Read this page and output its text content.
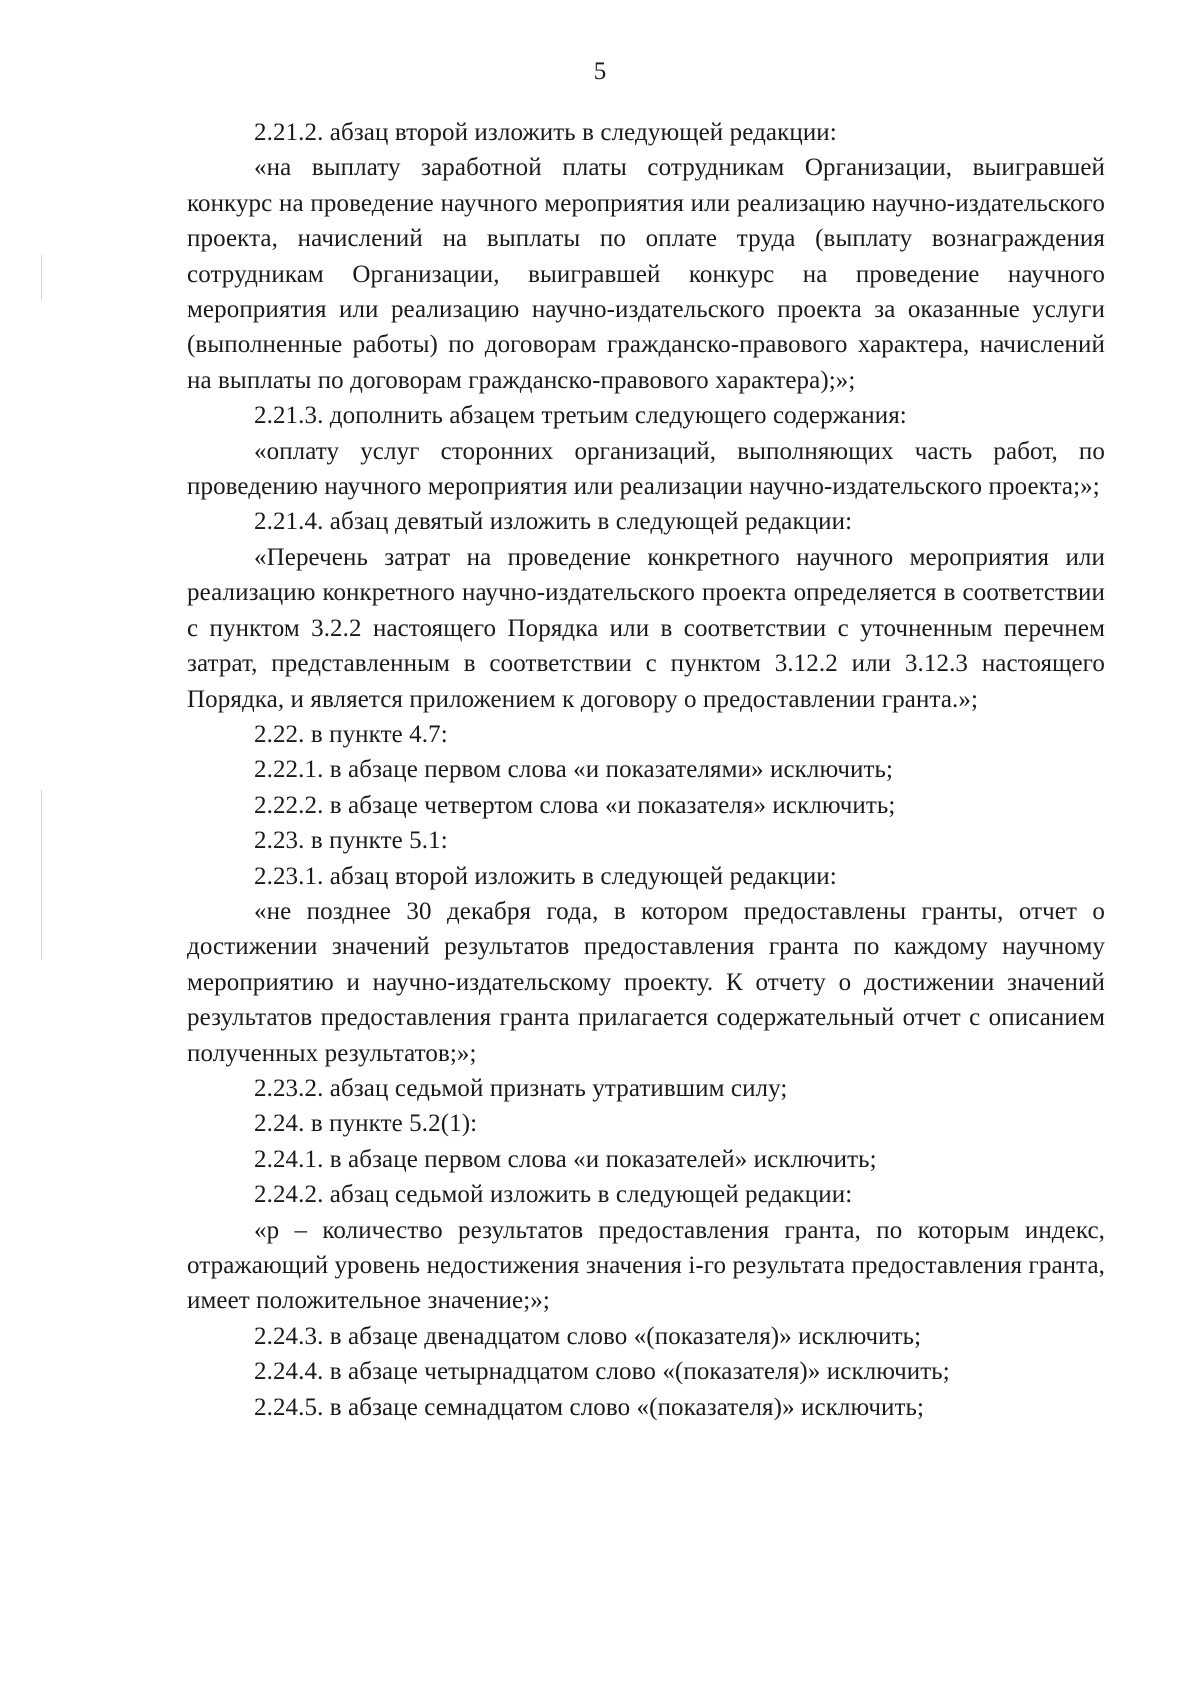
5

2.21.2. абзац второй изложить в следующей редакции:

«на выплату заработной платы сотрудникам Организации, выигравшей конкурс на проведение научного мероприятия или реализацию научно-издательского проекта, начислений на выплаты по оплате труда (выплату вознаграждения сотрудникам Организации, выигравшей конкурс на проведение научного мероприятия или реализацию научно-издательского проекта за оказанные услуги (выполненные работы) по договорам гражданско-правового характера, начислений на выплаты по договорам гражданско-правового характера);»;

2.21.3. дополнить абзацем третьим следующего содержания:

«оплату услуг сторонних организаций, выполняющих часть работ, по проведению научного мероприятия или реализации научно-издательского проекта;»;

2.21.4. абзац девятый изложить в следующей редакции:

«Перечень затрат на проведение конкретного научного мероприятия или реализацию конкретного научно-издательского проекта определяется в соответствии с пунктом 3.2.2 настоящего Порядка или в соответствии с уточненным перечнем затрат, представленным в соответствии с пунктом 3.12.2 или 3.12.3 настоящего Порядка, и является приложением к договору о предоставлении гранта.»;

2.22. в пункте 4.7:

2.22.1. в абзаце первом слова «и показателями» исключить;

2.22.2. в абзаце четвертом слова «и показателя» исключить;

2.23. в пункте 5.1:

2.23.1. абзац второй изложить в следующей редакции:

«не позднее 30 декабря года, в котором предоставлены гранты, отчет о достижении значений результатов предоставления гранта по каждому научному мероприятию и научно-издательскому проекту. К отчету о достижении значений результатов предоставления гранта прилагается содержательный отчет с описанием полученных результатов;»;

2.23.2. абзац седьмой признать утратившим силу;

2.24. в пункте 5.2(1):

2.24.1. в абзаце первом слова «и показателей» исключить;

2.24.2. абзац седьмой изложить в следующей редакции:

«р – количество результатов предоставления гранта, по которым индекс, отражающий уровень недостижения значения i-го результата предоставления гранта, имеет положительное значение;»;

2.24.3. в абзаце двенадцатом слово «(показателя)» исключить;

2.24.4. в абзаце четырнадцатом слово «(показателя)» исключить;

2.24.5. в абзаце семнадцатом слово «(показателя)» исключить;
